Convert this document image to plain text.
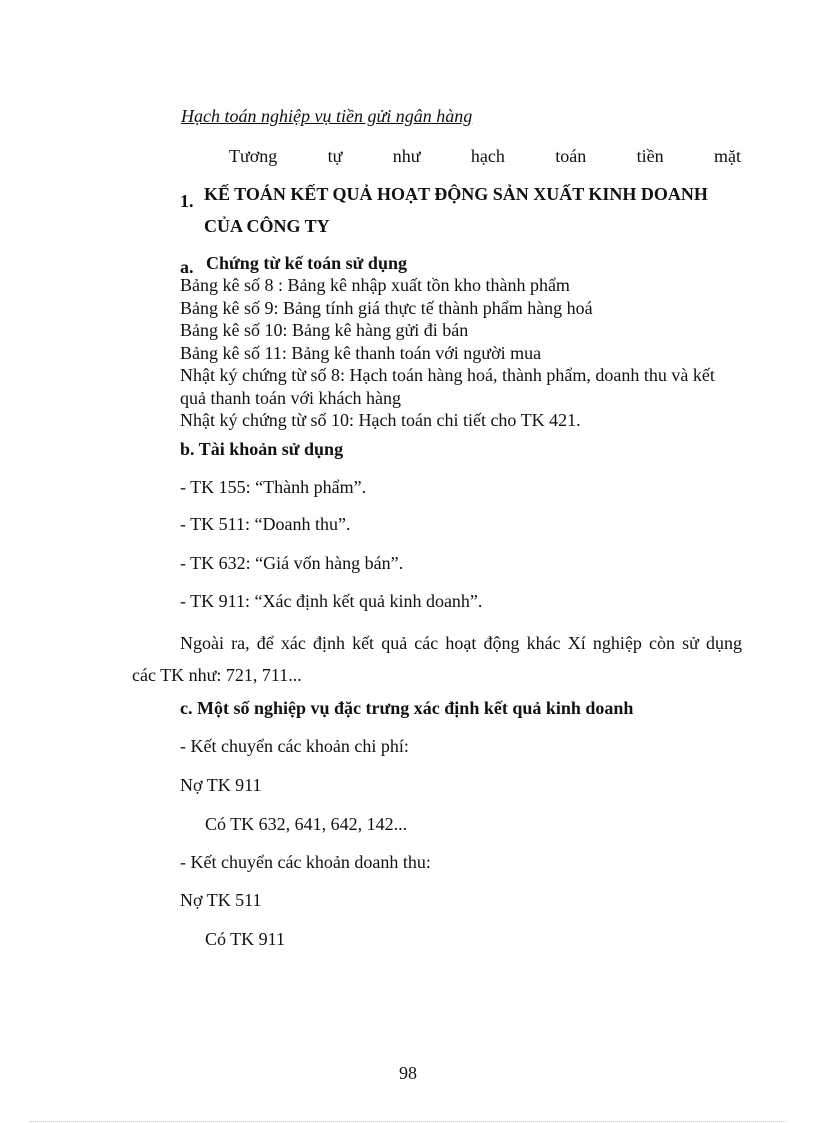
Hạch toán nghiệp vụ tiền gửi ngân hàng
Tương	tự	như	hạch	toán	tiền	mặt
1. KẾ TOÁN KẾT QUẢ HOẠT ĐỘNG SẢN XUẤT KINH DOANH
CỦA CÔNG TY
a. Chứng từ kế toán sử dụng
Bảng kê số 8 : Bảng kê nhập xuất tồn kho thành phẩm
Bảng kê số 9: Bảng tính giá thực tế thành phẩm hàng hoá
Bảng kê số 10: Bảng kê hàng gửi đi bán
Bảng kê số 11: Bảng kê thanh toán với người mua
Nhật ký chứng từ số 8: Hạch toán hàng hoá, thành phẩm, doanh thu và kết
quả thanh toán với khách hàng
Nhật ký chứng từ số 10: Hạch toán chi tiết cho TK 421.
b. Tài khoản sử dụng
- TK 155: “Thành phẩm”.
- TK 511: “Doanh thu”.
- TK 632: “Giá vốn hàng bán”.
- TK 911: “Xác định kết quả kinh doanh”.
Ngoài ra, để xác định kết quả các hoạt động khác Xí nghiệp còn sử dụng
các TK như: 721, 711...
c. Một số nghiệp vụ đặc trưng xác định kết quả kinh doanh
- Kết chuyển các khoản chi phí:
Nợ TK 911
Có TK 632, 641, 642, 142...
- Kết chuyển các khoản doanh thu:
Nợ TK 511
Có TK 911
98
